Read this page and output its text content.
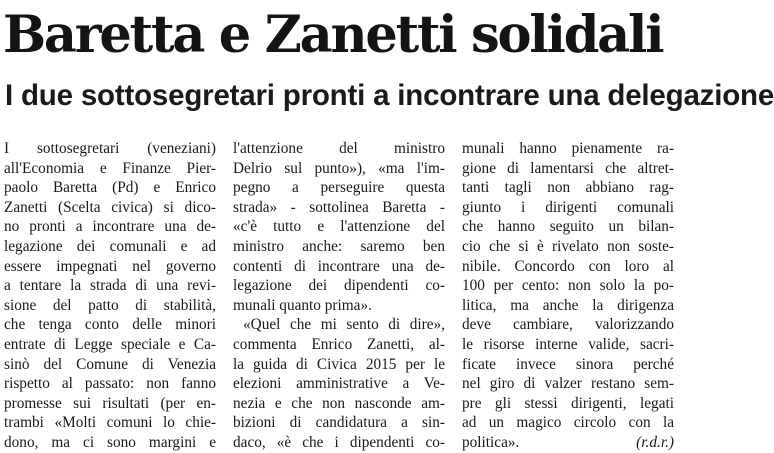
Baretta e Zanetti solidali
I due sottosegretari pronti a incontrare una delegazione
I sottosegretari (veneziani)
all'Economia e Finanze Pier-
paolo Baretta (Pd) e Enrico
Zanetti (Scelta civica) si dico-
no pronti a incontrare una de-
legazione dei comunali e ad
essere impegnati nel governo
a tentare la strada di una revi-
sione del patto di stabilità,
che tenga conto delle minori
entrate di Legge speciale e Ca-
sinò del Comune di Venezia
rispetto al passato: non fanno
promesse sui risultati (per en-
trambi «Molti comuni lo chie-
dono, ma ci sono margini e
l'attenzione del ministro
Delrio sul punto»), «ma l'im-
pegno a perseguire questa
strada» - sottolinea Baretta -
«c'è tutto e l'attenzione del
ministro anche: saremo ben
contenti di incontrare una de-
legazione dei dipendenti co-
munali quanto prima».
«Quel che mi sento di dire»,
commenta Enrico Zanetti, al-
la guida di Civica 2015 per le
elezioni amministrative a Ve-
nezia e che non nasconde am-
bizioni di candidatura a sin-
daco, «è che i dipendenti co-
munali hanno pienamente ra-
gione di lamentarsi che altret-
tanti tagli non abbiano rag-
giunto i dirigenti comunali
che hanno seguito un bilan-
cio che si è rivelato non soste-
nibile. Concordo con loro al
100 per cento: non solo la po-
litica, ma anche la dirigenza
deve cambiare, valorizzando
le risorse interne valide, sacri-
ficate invece sinora perché
nel giro di valzer restano sem-
pre gli stessi dirigenti, legati
ad un magico circolo con la
politica».	(r.d.r.)
